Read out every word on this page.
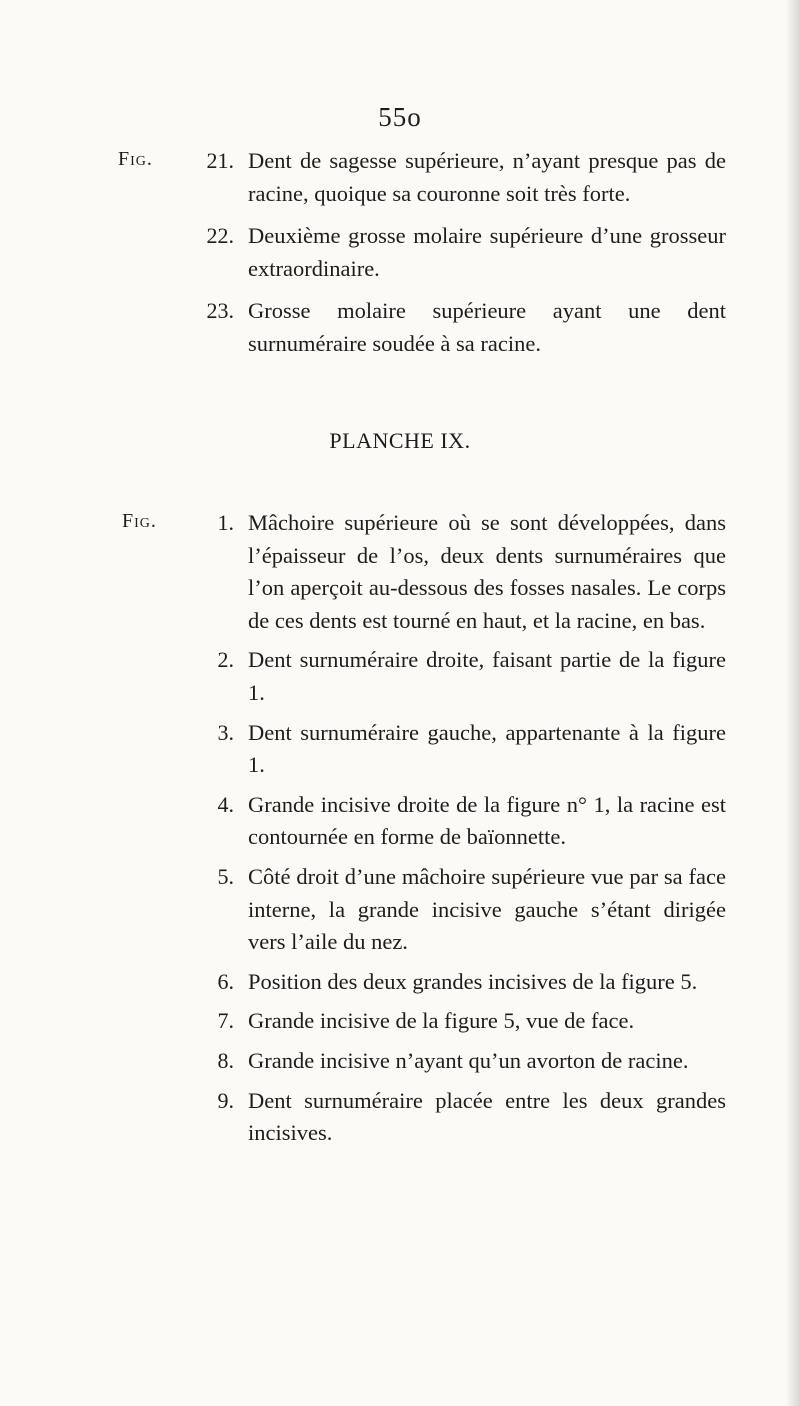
55o
Fig.	21. Dent de sagesse supérieure, n’ayant presque pas de racine, quoique sa couronne soit très forte.
22. Deuxième grosse molaire supérieure d’une grosseur extraordinaire.
23. Grosse molaire supérieure ayant une dent surnuméraire soudée à sa racine.
PLANCHE IX.
Fig.	1. Mâchoire supérieure où se sont développées, dans l’épaisseur de l’os, deux dents surnuméraires que l’on aperçoit au-dessous des fosses nasales. Le corps de ces dents est tourné en haut, et la racine, en bas.
2. Dent surnuméraire droite, faisant partie de la figure 1.
3. Dent surnuméraire gauche, appartenante à la figure 1.
4. Grande incisive droite de la figure n° 1, la racine est contournée en forme de baïonnette.
5. Côté droit d’une mâchoire supérieure vue par sa face interne, la grande incisive gauche s’étant dirigée vers l’aile du nez.
6. Position des deux grandes incisives de la figure 5.
7. Grande incisive de la figure 5, vue de face.
8. Grande incisive n’ayant qu’un avorton de racine.
9. Dent surnuméraire placée entre les deux grandes incisives.
